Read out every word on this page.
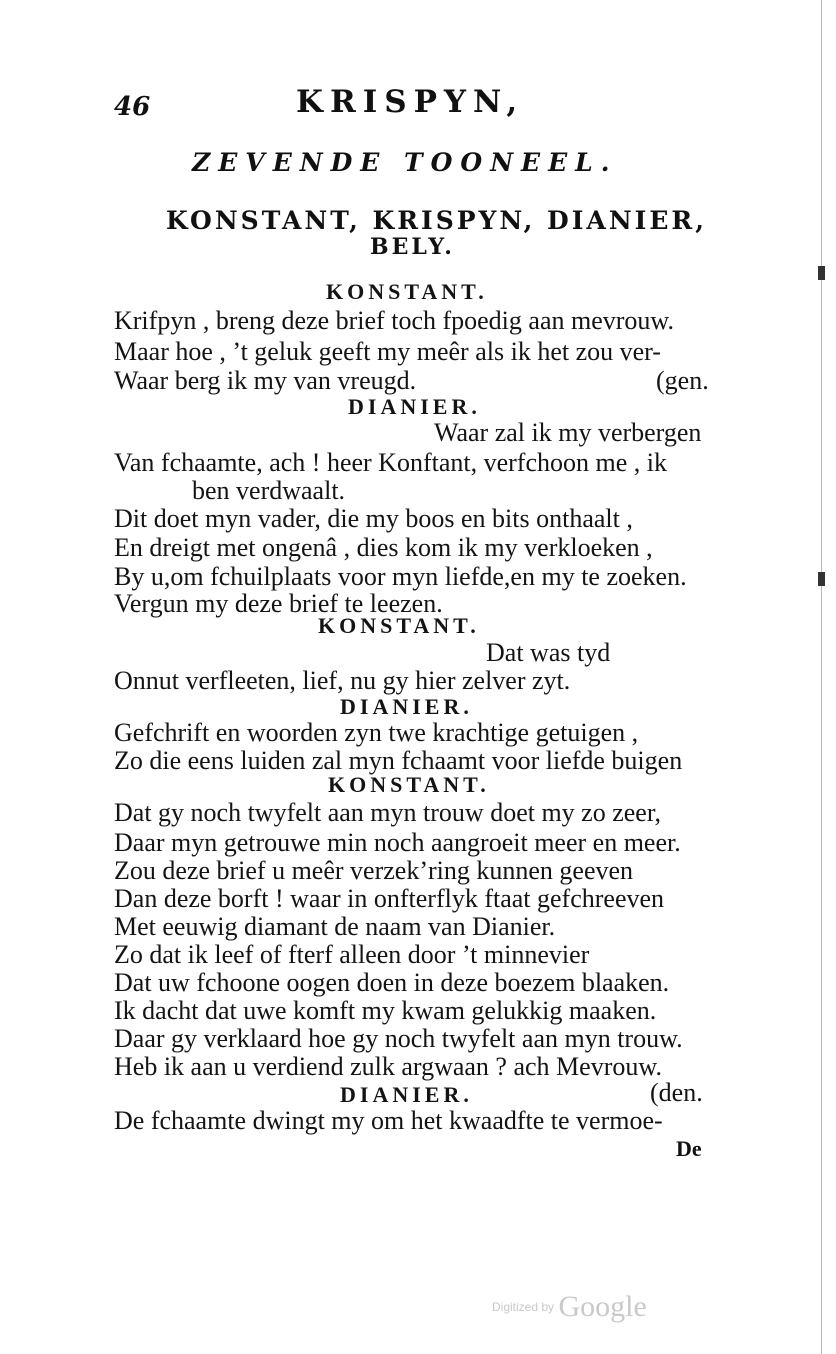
46	KRISPYN,
ZEVENDE TOONEEL.
KONSTANT, KRISPYN, DIANIER,
BELY.
KONSTANT.
Krifpyn , breng deze brief toch fpoedig aan mevrouw.
Maar hoe , ’t geluk geeft my meêr als ik het zou ver-
Waar berg ik my van vreugd.	(gen.
DIANIER.
Waar zal ik my verbergen
Van fchaamte, ach ! heer Konftant, verfchoon me , ik
ben verdwaalt.
Dit doet myn vader, die my boos en bits onthaalt ,
En dreigt met ongenâ , dies kom ik my verkloeken ,
By u,om fchuilplaats voor myn liefde,en my te zoeken.
Vergun my deze brief te leezen.
KONSTANT.
Dat was tyd
Onnut verfleeten, lief, nu gy hier zelver zyt.
DIANIER.
Gefchrift en woorden zyn twe krachtige getuigen ,
Zo die eens luiden zal myn fchaamt voor liefde buigen
KONSTANT.
Dat gy noch twyfelt aan myn trouw doet my zo zeer,
Daar myn getrouwe min noch aangroeit meer en meer.
Zou deze brief u meêr verzek’ring kunnen geeven
Dan deze borft ! waar in onfterflyk ftaat gefchreeven
Met eeuwig diamant de naam van Dianier.
Zo dat ik leef of fterf alleen door ’t minnevier
Dat uw fchoone oogen doen in deze boezem blaaken.
Ik dacht dat uwe komft my kwam gelukkig maaken.
Daar gy verklaard hoe gy noch twyfelt aan myn trouw.
Heb ik aan u verdiend zulk argwaan ? ach Mevrouw.
DIANIER.	(den.
De fchaamte dwingt my om het kwaadfte te vermoe-
De
Digitized by Google
